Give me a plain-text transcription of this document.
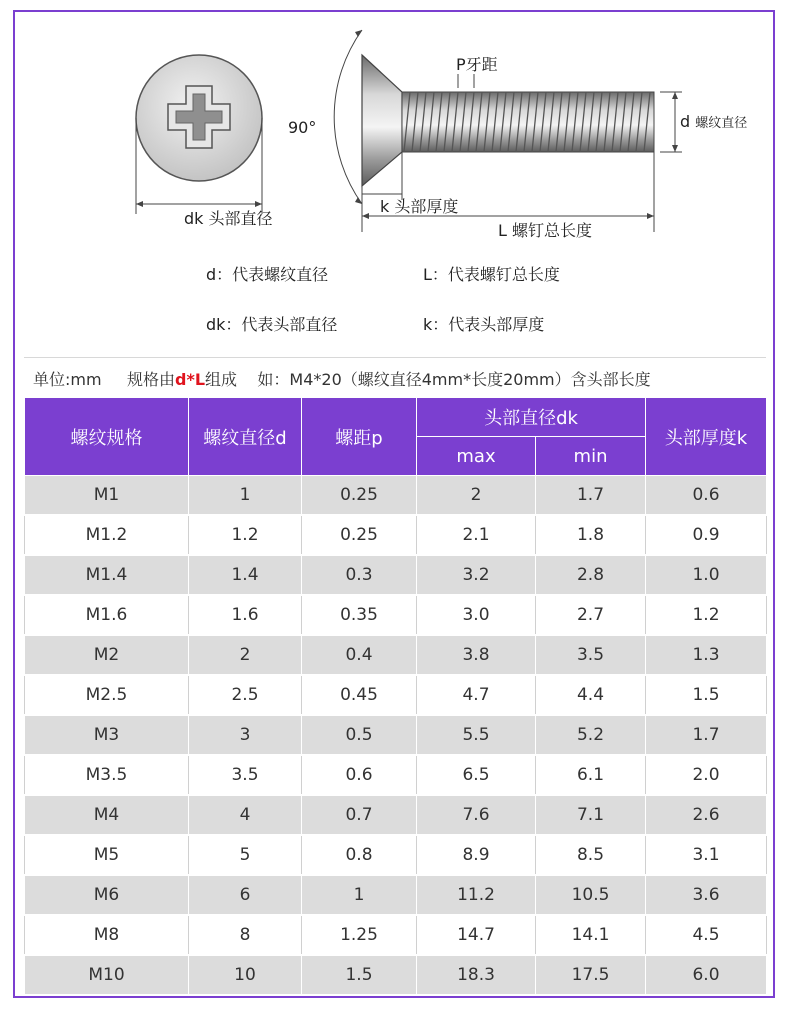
P牙距
90°	d 螺纹直径
dk 头部直径
k 头部厚度
L 螺钉总长度
d：代表螺纹直径	L：代表螺钉总长度
dk：代表头部直径	k：代表头部厚度
单位:mm 规格由d*L组成 如：M4*20（螺纹直径4mm*长度20mm）含头部长度
螺纹规格	螺纹直径d	螺距p	头部直径dk		头部厚度k
			max	min	
M1	1	0.25	2	1.7	0.6
M1.2	1.2	0.25	2.1	1.8	0.9
M1.4	1.4	0.3	3.2	2.8	1.0
M1.6	1.6	0.35	3.0	2.7	1.2
M2	2	0.4	3.8	3.5	1.3
M2.5	2.5	0.45	4.7	4.4	1.5
M3	3	0.5	5.5	5.2	1.7
M3.5	3.5	0.6	6.5	6.1	2.0
M4	4	0.7	7.6	7.1	2.6
M5	5	0.8	8.9	8.5	3.1
M6	6	1	11.2	10.5	3.6
M8	8	1.25	14.7	14.1	4.5
M10	10	1.5	18.3	17.5	6.0
